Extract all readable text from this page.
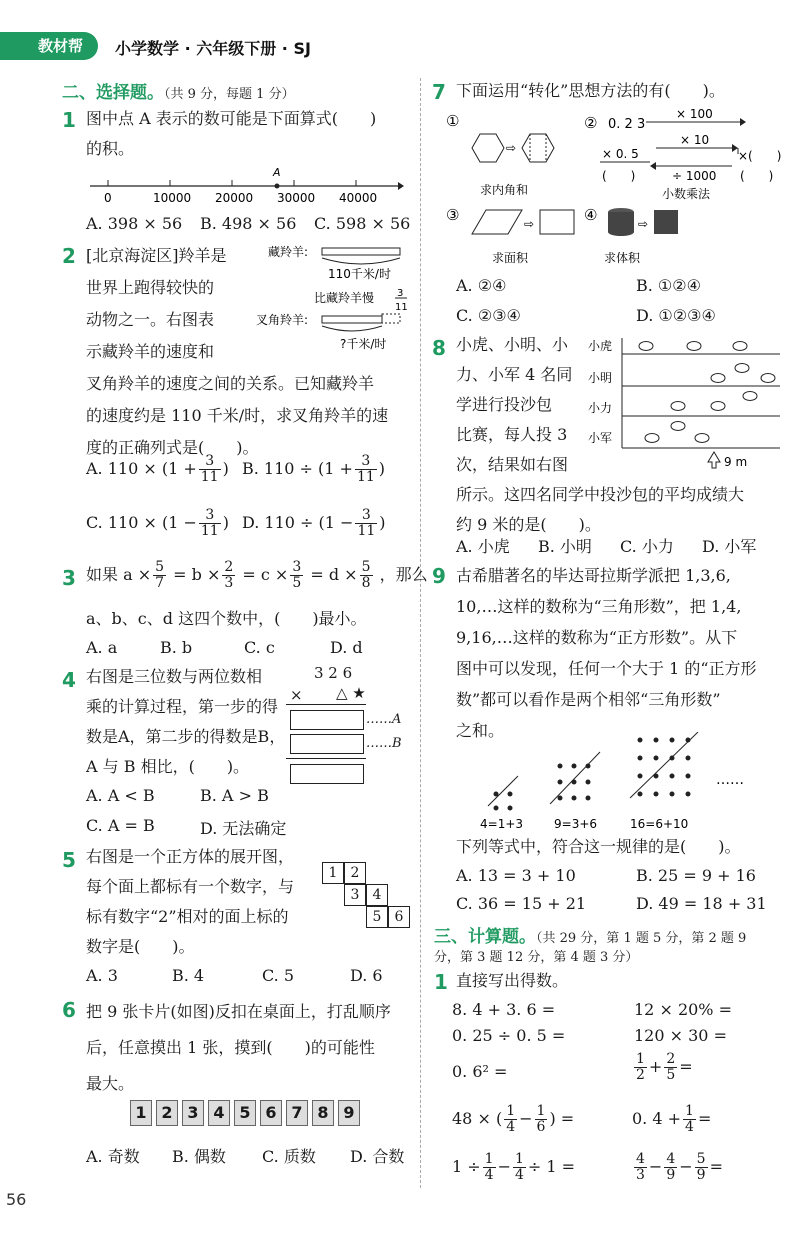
教材帮 小学数学 · 六年级下册 · SJ
二、选择题。（共 9 分，每题 1 分）
1 图中点 A 表示的数可能是下面算式(　　)
的积。
A
0	10000 20000 30000 40000
A. 398 × 56 B. 498 × 56 C. 598 × 56
2 [北京海淀区]羚羊是
世界上跑得较快的
动物之一。右图表
示藏羚羊的速度和
叉角羚羊的速度之间的关系。已知藏羚羊
的速度约是 110 千米/时，求叉角羚羊的速
度的正确列式是(　　)。
藏羚羊:
110千米/时
比藏羚羊慢 3
11
叉角羚羊:
?千米/时
A. $110 \times (1 + \frac{3}{11}$ ) B. $110 \div (1 + \frac{3}{11}$ )
C. $110 \times (1 - \frac{3}{11}$ ) D. $110 \div (1 - \frac{3}{11}$ )
3 如果 $a \times \frac{5}{7} = b \times \frac{2}{3} = c \times \frac{3}{5} = d \times \frac{5}{8}$ ，那么
a、b、c、d 这四个数中，(　　)最小。
A. a	B. b	C. c	D. d
4 右图是三位数与两位数相
乘的计算过程，第一步的得
数是A，第二步的得数是B，
A 与 B 相比，(　　)。
3 2 6
× △ ★
……A
……B
A. A < B	B. A > B
C. A = B	D. 无法确定
5 右图是一个正方体的展开图，
每个面上都标有一个数字，与
标有数字“2”相对的面上标的
数字是(　　)。
1 2
3 4
5 6
A. 3	B. 4	C. 5	D. 6
6 把 9 张卡片(如图)反扣在桌面上，打乱顺序
后，任意摸出 1 张，摸到(　　)的可能性
最大。
1 2 3 4 5 6 7 8 9
A. 奇数 B. 偶数 C. 质数 D. 合数
7 下面运用“转化”思想方法的有(　　)。
①
⇨
求内角和
② 0. 2 3
× 100
× 0. 5
× 10
×(　　)
(　　)	÷ 1000 (　　)
小数乘法
③	⇨
求面积
④	⇨
求体积
A. ②④	B. ①②④
C. ②③④	D. ①②③④
8 小虎、小明、小
力、小军 4 名同
学进行投沙包
比赛，每人投 3
次，结果如右图
所示。这四名同学中投沙包的平均成绩大
约 9 米的是(　　)。
小虎
小明
小力
小军
9 m
A. 小虎 B. 小明 C. 小力 D. 小军
9 古希腊著名的毕达哥拉斯学派把 1,3,6,
10,…这样的数称为“三角形数”，把 1,4,
9,16,…这样的数称为“正方形数”。从下
图中可以发现，任何一个大于 1 的“正方形
数”都可以看作是两个相邻“三角形数”
之和。
……
4=1+3	9=3+6	16=6+10
下列等式中，符合这一规律的是(　　)。
A. 13 = 3 + 10	B. 25 = 9 + 16
C. 36 = 15 + 21	D. 49 = 18 + 31
三、计算题。（共 29 分，第 1 题 5 分，第 2 题 9
分，第 3 题 12 分，第 4 题 3 分）
1 直接写出得数。
8. 4 + 3. 6 =	12 × 20% =
0. 25 ÷ 0. 5 =	120 × 30 =
0. 6² =	$\frac{1}{2} + \frac{2}{5}$ =
48 × ( $\frac{1}{4} - \frac{1}{6}$ ) =	0. $4 + \frac{1}{4}$ =
$1 \div \frac{1}{4} - \frac{1}{4} \div 1$ =	$\frac{4}{3} - \frac{4}{9} - \frac{5}{9}$ =
56
